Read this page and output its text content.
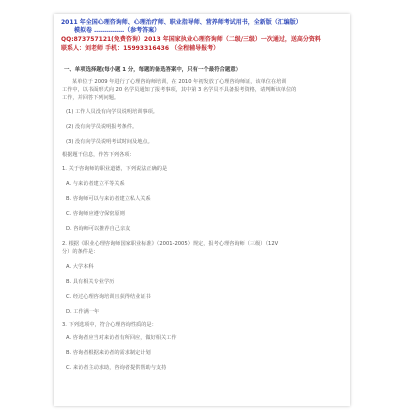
2011 年全国心理咨询师、心理治疗师、职业指导师、营养师考试用书，全新版（汇编版）

模拟卷 ……………（参考答案）

QQ:873757121(免费咨询）2013 年国家执业心理咨询师（二级/三级）一次通过，送高分资料

联系人：刘老师 手机：15993316436 （全程辅导报考）

一、单项选择题(每小题 1 分，每题的备选答案中，只有一个最符合题意）

某单位于 2009 年进行了心理咨询师培训，在 2010 年初发放了心理咨询师证，该单位在培训

工作中，以书面形式向 20 名学员通知了报考事项，其中第 3 名学员不具备报考资格，请判断该单位的

工作，并回答下列问题。

(1) 工作人员没有向学员说明培训事项。

(2) 没有向学员说明报考条件。

(3) 没有向学员说明考试时间及地点。

根据题干信息，作答下列各项：

1. 关于咨询师的职业道德，下列说法正确的是

A. 与来访者建立平等关系

B. 咨询师可以与来访者建立私人关系

C. 咨询师应遵守保密原则

D. 咨询师可以推荐自己亲友

2. 根据《职业心理咨询师国家职业标准》（2001-2005）规定，报考心理咨询师（三级）（12V

分）的条件是：

A. 大学本科

B. 具有相关专业学历

C. 经过心理咨询培训且获得结业证书

D. 工作满一年

3. 下列选项中，符合心理咨询性质的是：

A. 咨询者应当对来访者有所回应，做好相关工作

B. 咨询者根据来访者的需求制定计划

C. 来访者主动求助，咨询者提供帮助与支持
